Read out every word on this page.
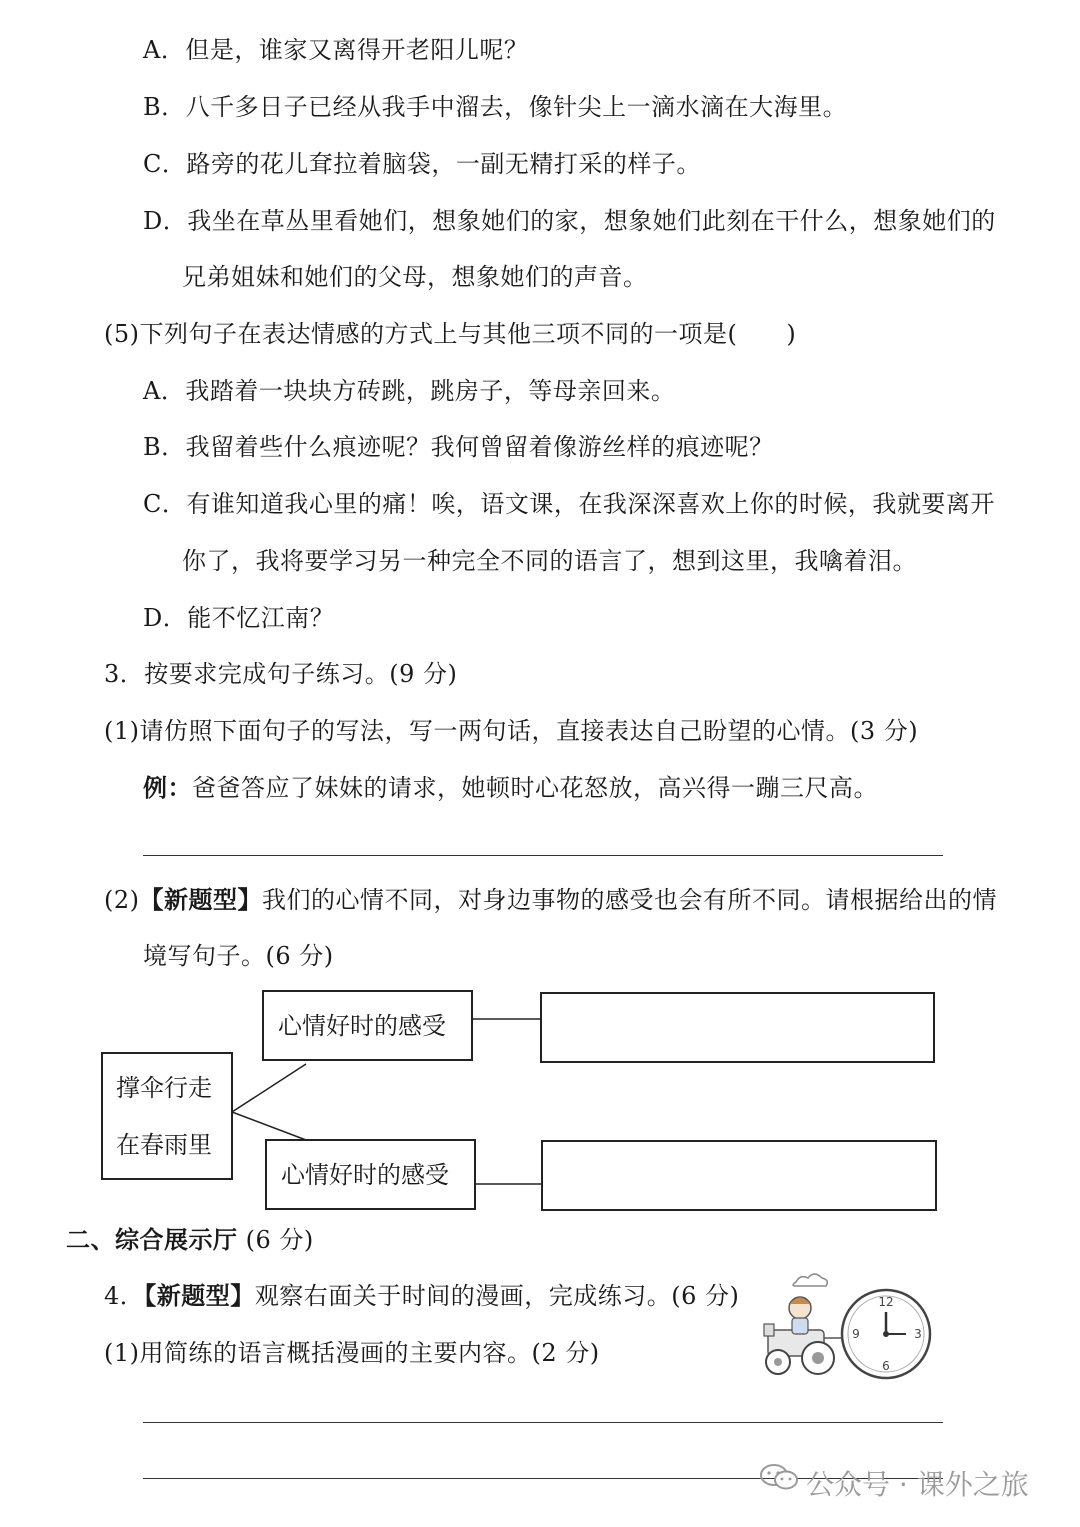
A．但是，谁家又离得开老阳儿呢？
B．八千多日子已经从我手中溜去，像针尖上一滴水滴在大海里。
C．路旁的花儿耷拉着脑袋，一副无精打采的样子。
D．我坐在草丛里看她们，想象她们的家，想象她们此刻在干什么，想象她们的
兄弟姐妹和她们的父母，想象她们的声音。
(5)下列句子在表达情感的方式上与其他三项不同的一项是(　　)
A．我踏着一块块方砖跳，跳房子，等母亲回来。
B．我留着些什么痕迹呢？我何曾留着像游丝样的痕迹呢？
C．有谁知道我心里的痛！唉，语文课，在我深深喜欢上你的时候，我就要离开
你了，我将要学习另一种完全不同的语言了，想到这里，我噙着泪。
D．能不忆江南？
3．按要求完成句子练习。(9 分)
(1)请仿照下面句子的写法，写一两句话，直接表达自己盼望的心情。(3 分)
例：爸爸答应了妹妹的请求，她顿时心花怒放，高兴得一蹦三尺高。
(2)【新题型】我们的心情不同，对身边事物的感受也会有所不同。请根据给出的情
境写句子。(6 分)
撑伞行走
在春雨里
心情好时的感受
心情好时的感受
二、综合展示厅 (6 分)
4．【新题型】观察右面关于时间的漫画，完成练习。(6 分)
(1)用简练的语言概括漫画的主要内容。(2 分)
12
3
6
9
公众号 · 课外之旅
